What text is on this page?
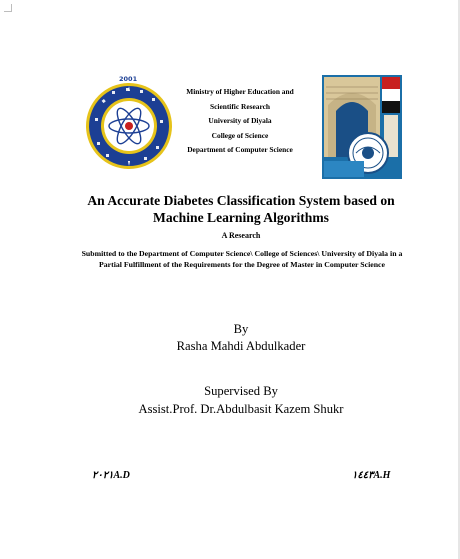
2001
Ministry of Higher Education and
Scientific Research
University of Diyala
College of Science
Department of Computer Science
An Accurate Diabetes Classification System based on
Machine Learning Algorithms
A Research
Submitted to the Department of Computer Science\ College of Sciences\ University of Diyala in a Partial Fulfillment of the Requirements for the Degree of Master in Computer Science
By
Rasha Mahdi Abdulkader
Supervised By
Assist.Prof. Dr.Abdulbasit Kazem Shukr
٢٠٢١A.D	١٤٤٣A.H
